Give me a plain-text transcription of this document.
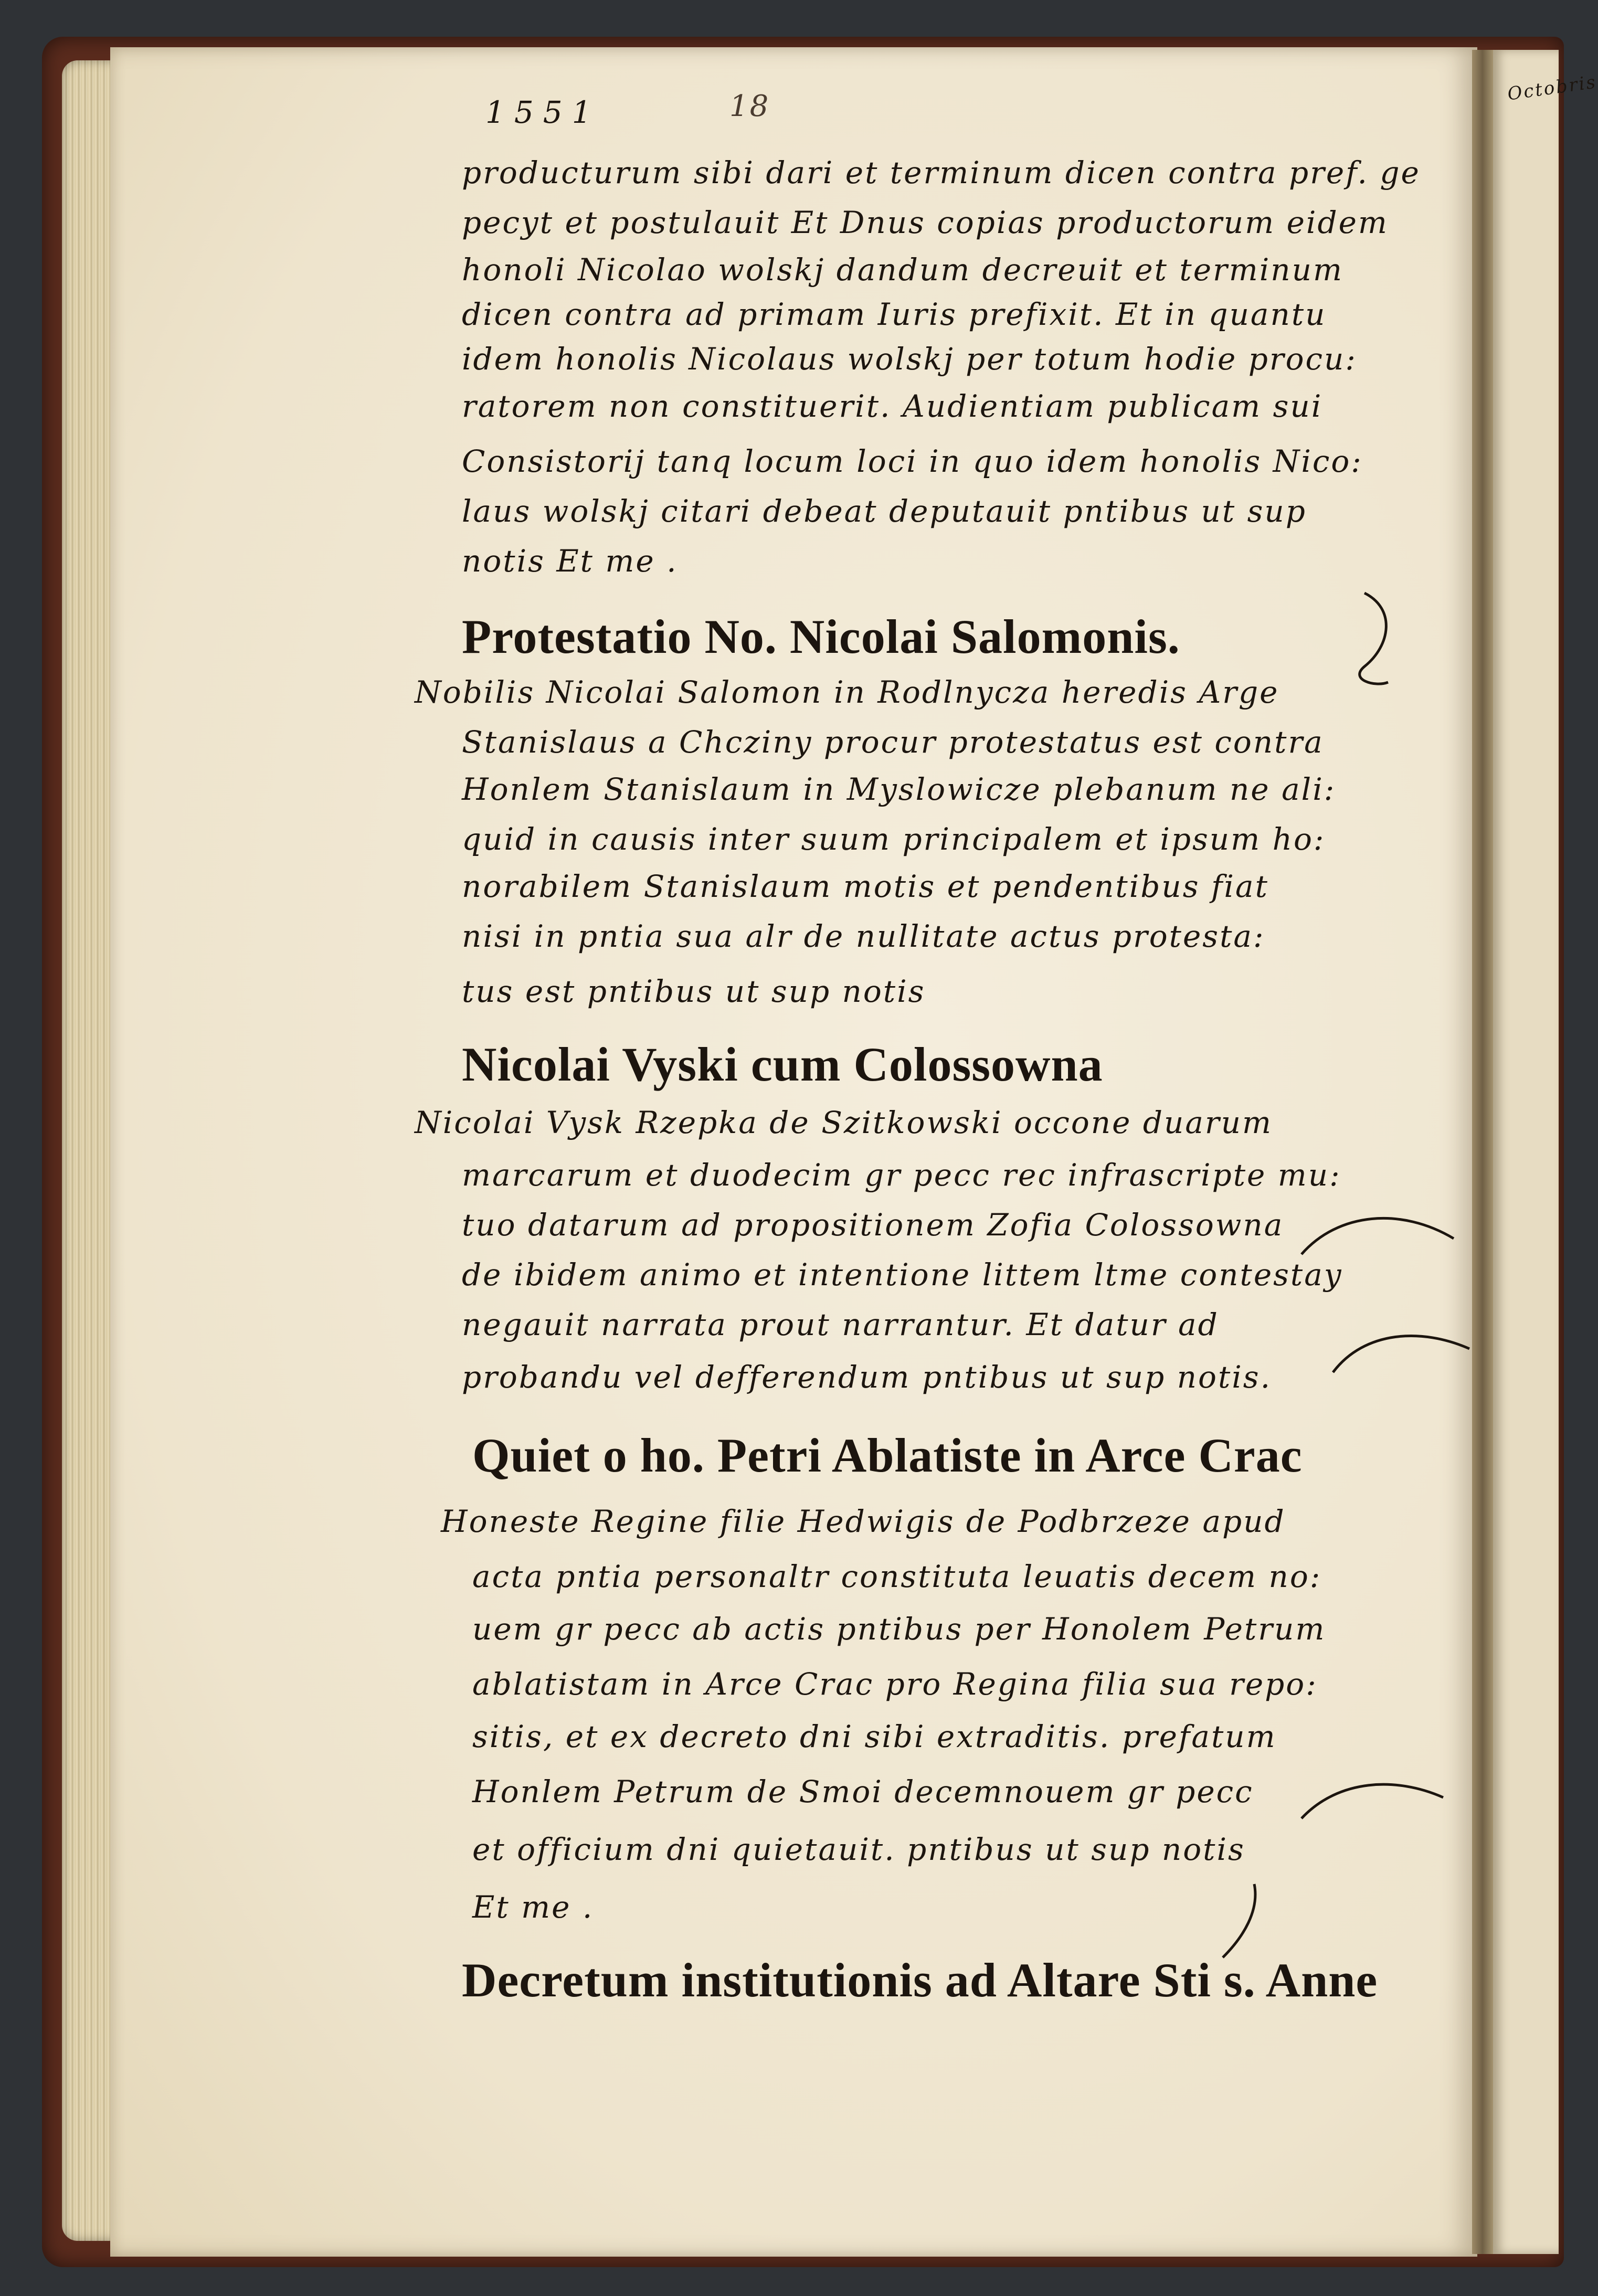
Octobris
1551	18
producturum sibi dari et terminum dicen contra pref. ge
pecyt et postulauit Et Dnus copias productorum eidem
honoli Nicolao wolskj dandum decreuit et terminum
dicen contra ad primam Iuris prefixit. Et in quantu
idem honolis Nicolaus wolskj per totum hodie procu:
ratorem non constituerit. Audientiam publicam sui
Consistorij tanq locum loci in quo idem honolis Nico:
laus wolskj citari debeat deputauit pntibus ut sup
notis Et me .
Protestatio No. Nicolai Salomonis.
Nobilis Nicolai Salomon in Rodlnycza heredis Arge
Stanislaus a Chcziny procur protestatus est contra
Honlem Stanislaum in Myslowicze plebanum ne ali:
quid in causis inter suum principalem et ipsum ho:
norabilem Stanislaum motis et pendentibus fiat
nisi in pntia sua alr de nullitate actus protesta:
tus est pntibus ut sup notis
Nicolai Vyski cum Colossowna
Nicolai Vysk Rzepka de Szitkowski occone duarum
marcarum et duodecim gr pecc rec infrascripte mu:
tuo datarum ad propositionem Zofia Colossowna
de ibidem animo et intentione littem ltme contestay
negauit narrata prout narrantur. Et datur ad
probandu vel defferendum pntibus ut sup notis.
Quiet o ho. Petri Ablatiste in Arce Crac
Honeste Regine filie Hedwigis de Podbrzeze apud
acta pntia personaltr constituta leuatis decem no:
uem gr pecc ab actis pntibus per Honolem Petrum
ablatistam in Arce Crac pro Regina filia sua repo:
sitis, et ex decreto dni sibi extraditis. prefatum
Honlem Petrum de Smoi decemnouem gr pecc
et officium dni quietauit. pntibus ut sup notis
Et me .
Decretum institutionis ad Altare Sti s. Anne
